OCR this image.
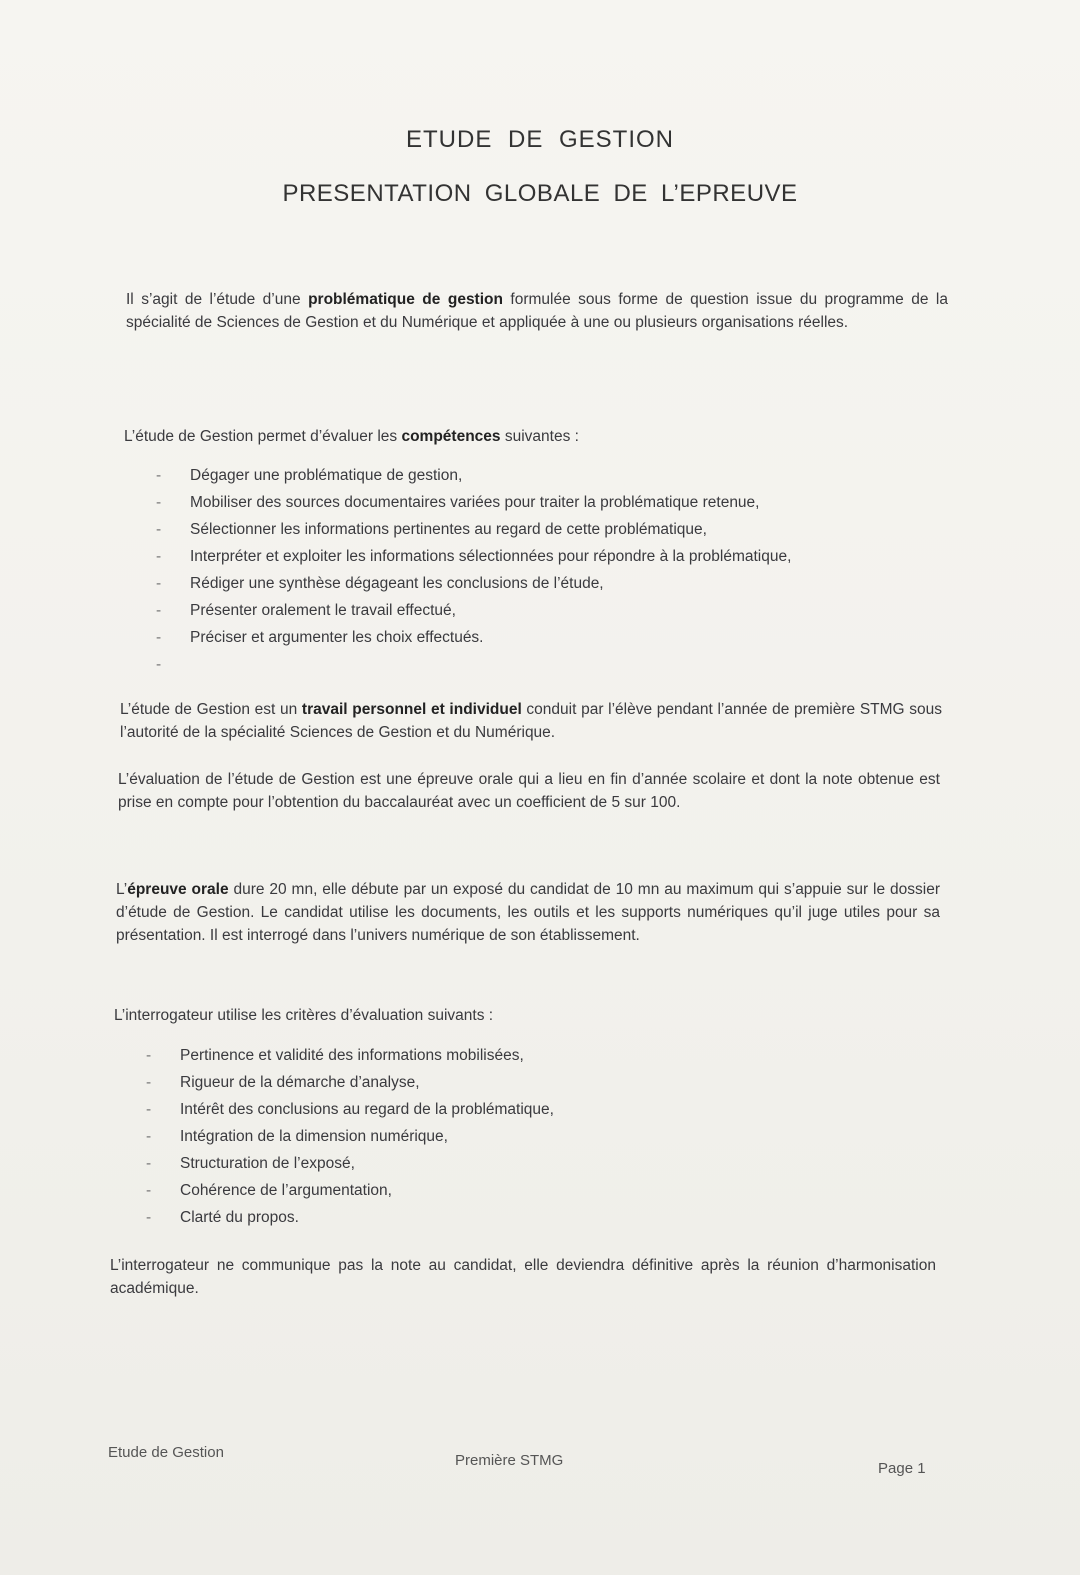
ETUDE DE GESTION
PRESENTATION GLOBALE DE L’EPREUVE
Il s’agit de l’étude d’une problématique de gestion formulée sous forme de question issue du programme de la spécialité de Sciences de Gestion et du Numérique et appliquée à une ou plusieurs organisations réelles.
L’étude de Gestion permet d’évaluer les compétences suivantes :
- Dégager une problématique de gestion,
- Mobiliser des sources documentaires variées pour traiter la problématique retenue,
- Sélectionner les informations pertinentes au regard de cette problématique,
- Interpréter et exploiter les informations sélectionnées pour répondre à la problématique,
- Rédiger une synthèse dégageant les conclusions de l’étude,
- Présenter oralement le travail effectué,
- Préciser et argumenter les choix effectués.
-
L’étude de Gestion est un travail personnel et individuel conduit par l’élève pendant l’année de première STMG sous l’autorité de la spécialité Sciences de Gestion et du Numérique.
L’évaluation de l’étude de Gestion est une épreuve orale qui a lieu en fin d’année scolaire et dont la note obtenue est prise en compte pour l’obtention du baccalauréat avec un coefficient de 5 sur 100.
L’épreuve orale dure 20 mn, elle débute par un exposé du candidat de 10 mn au maximum qui s’appuie sur le dossier d’étude de Gestion. Le candidat utilise les documents, les outils et les supports numériques qu’il juge utiles pour sa présentation. Il est interrogé dans l’univers numérique de son établissement.
L’interrogateur utilise les critères d’évaluation suivants :
- Pertinence et validité des informations mobilisées,
- Rigueur de la démarche d’analyse,
- Intérêt des conclusions au regard de la problématique,
- Intégration de la dimension numérique,
- Structuration de l’exposé,
- Cohérence de l’argumentation,
- Clarté du propos.
L’interrogateur ne communique pas la note au candidat, elle deviendra définitive après la réunion d’harmonisation académique.
Etude de Gestion	Première STMG	Page 1
